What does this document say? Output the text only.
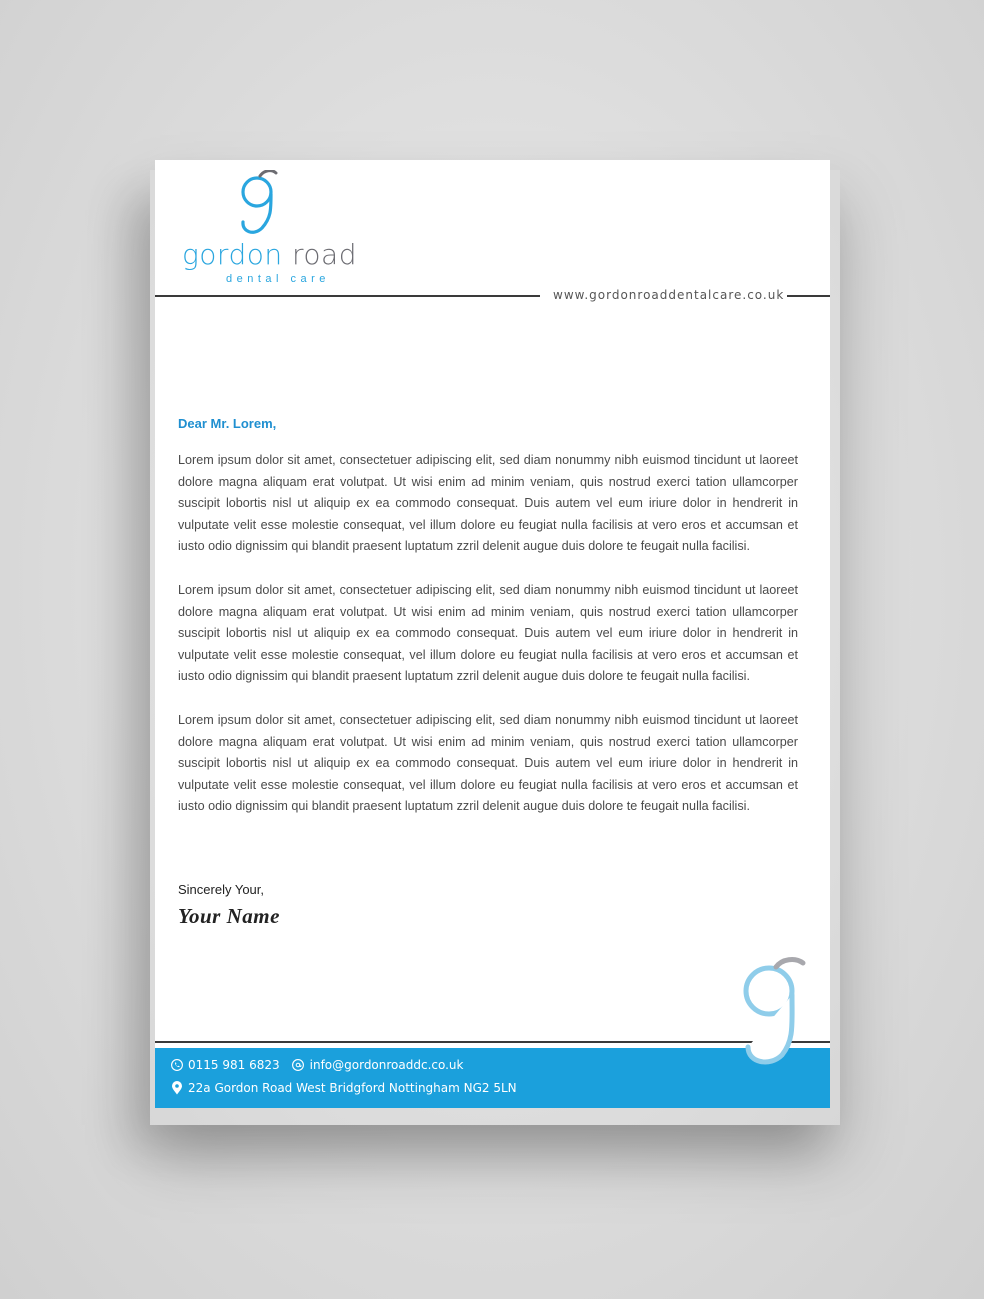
gordon road
dental care
www.gordonroaddentalcare.co.uk
Dear Mr. Lorem,

Lorem ipsum dolor sit amet, consectetuer adipiscing elit, sed diam nonummy nibh euismod tincidunt ut laoreet dolore magna aliquam erat volutpat. Ut wisi enim ad minim veniam, quis nostrud exerci tation ullamcorper suscipit lobortis nisl ut aliquip ex ea commodo consequat. Duis autem vel eum iriure dolor in hendrerit in vulputate velit esse molestie consequat, vel illum dolore eu feugiat nulla facilisis at vero eros et accumsan et iusto odio dignissim qui blandit praesent luptatum zzril delenit augue duis dolore te feugait nulla facilisi.

Lorem ipsum dolor sit amet, consectetuer adipiscing elit, sed diam nonummy nibh euismod tincidunt ut laoreet dolore magna aliquam erat volutpat. Ut wisi enim ad minim veniam, quis nostrud exerci tation ullamcorper suscipit lobortis nisl ut aliquip ex ea commodo consequat. Duis autem vel eum iriure dolor in hendrerit in vulputate velit esse molestie consequat, vel illum dolore eu feugiat nulla facilisis at vero eros et accumsan et iusto odio dignissim qui blandit praesent luptatum zzril delenit augue duis dolore te feugait nulla facilisi.

Lorem ipsum dolor sit amet, consectetuer adipiscing elit, sed diam nonummy nibh euismod tincidunt ut laoreet dolore magna aliquam erat volutpat. Ut wisi enim ad minim veniam, quis nostrud exerci tation ullamcorper suscipit lobortis nisl ut aliquip ex ea commodo consequat. Duis autem vel eum iriure dolor in hendrerit in vulputate velit esse molestie consequat, vel illum dolore eu feugiat nulla facilisis at vero eros et accumsan et iusto odio dignissim qui blandit praesent luptatum zzril delenit augue duis dolore te feugait nulla facilisi.

Sincerely Your,
Your Name
0115 981 6823	info@gordonroaddc.co.uk
22a Gordon Road West Bridgford Nottingham NG2 5LN
